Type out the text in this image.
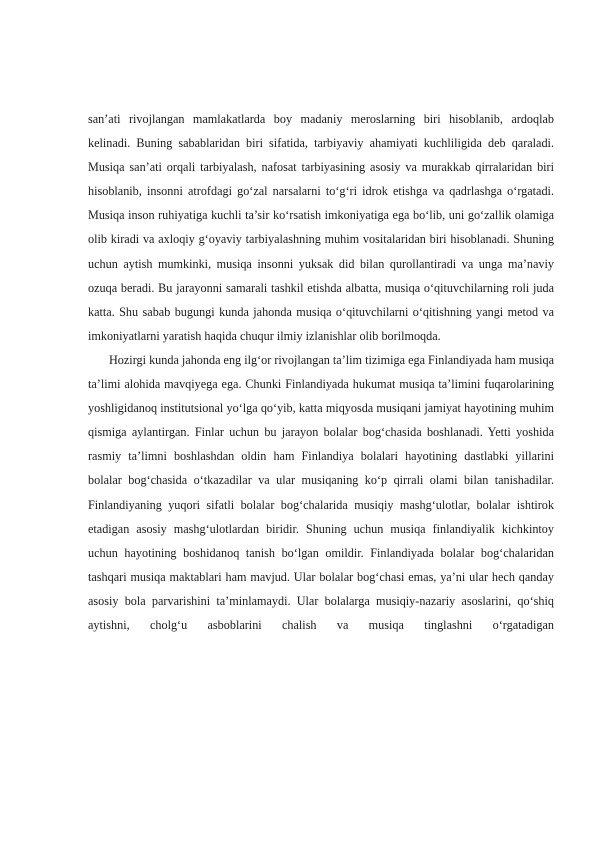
san’ati rivojlangan mamlakatlarda boy madaniy meroslarning biri hisoblanib, ardoqlab kelinadi. Buning sabablaridan biri sifatida, tarbiyaviy ahamiyati kuchliligida deb qaraladi. Musiqa san’ati orqali tarbiyalash, nafosat tarbiyasining asosiy va murakkab qirralaridan biri hisoblanib, insonni atrofdagi go‘zal narsalarni to‘g‘ri idrok etishga va qadrlashga o‘rgatadi. Musiqa inson ruhiyatiga kuchli ta’sir ko‘rsatish imkoniyatiga ega bo‘lib, uni go‘zallik olamiga olib kiradi va axloqiy g‘oyaviy tarbiyalashning muhim vositalaridan biri hisoblanadi. Shuning uchun aytish mumkinki, musiqa insonni yuksak did bilan qurollantiradi va unga ma’naviy ozuqa beradi. Bu jarayonni samarali tashkil etishda albatta, musiqa o‘qituvchilarning roli juda katta. Shu sabab bugungi kunda jahonda musiqa o‘qituvchilarni o‘qitishning yangi metod va imkoniyatlarni yaratish haqida chuqur ilmiy izlanishlar olib borilmoqda.

Hozirgi kunda jahonda eng ilg‘or rivojlangan ta’lim tizimiga ega Finlandiyada ham musiqa ta’limi alohida mavqiyega ega. Chunki Finlandiyada hukumat musiqa ta’limini fuqarolarining yoshligidanoq institutsional yo‘lga qo‘yib, katta miqyosda musiqani jamiyat hayotining muhim qismiga aylantirgan. Finlar uchun bu jarayon bolalar bog‘chasida boshlanadi. Yetti yoshida rasmiy ta’limni boshlashdan oldin ham Finlandiya bolalari hayotining dastlabki yillarini bolalar bog‘chasida o‘tkazadilar va ular musiqaning ko‘p qirrali olami bilan tanishadilar. Finlandiyaning yuqori sifatli bolalar bog‘chalarida musiqiy mashg‘ulotlar, bolalar ishtirok etadigan asosiy mashg‘ulotlardan biridir. Shuning uchun musiqa finlandiyalik kichkintoy uchun hayotining boshidanoq tanish bo‘lgan omildir. Finlandiyada bolalar bog‘chalaridan tashqari musiqa maktablari ham mavjud. Ular bolalar bog‘chasi emas, ya’ni ular hech qanday asosiy bola parvarishini ta’minlamaydi. Ular bolalarga musiqiy-nazariy asoslarini, qo‘shiq aytishni, cholg‘u asboblarini chalish va musiqa tinglashni o‘rgatadigan
